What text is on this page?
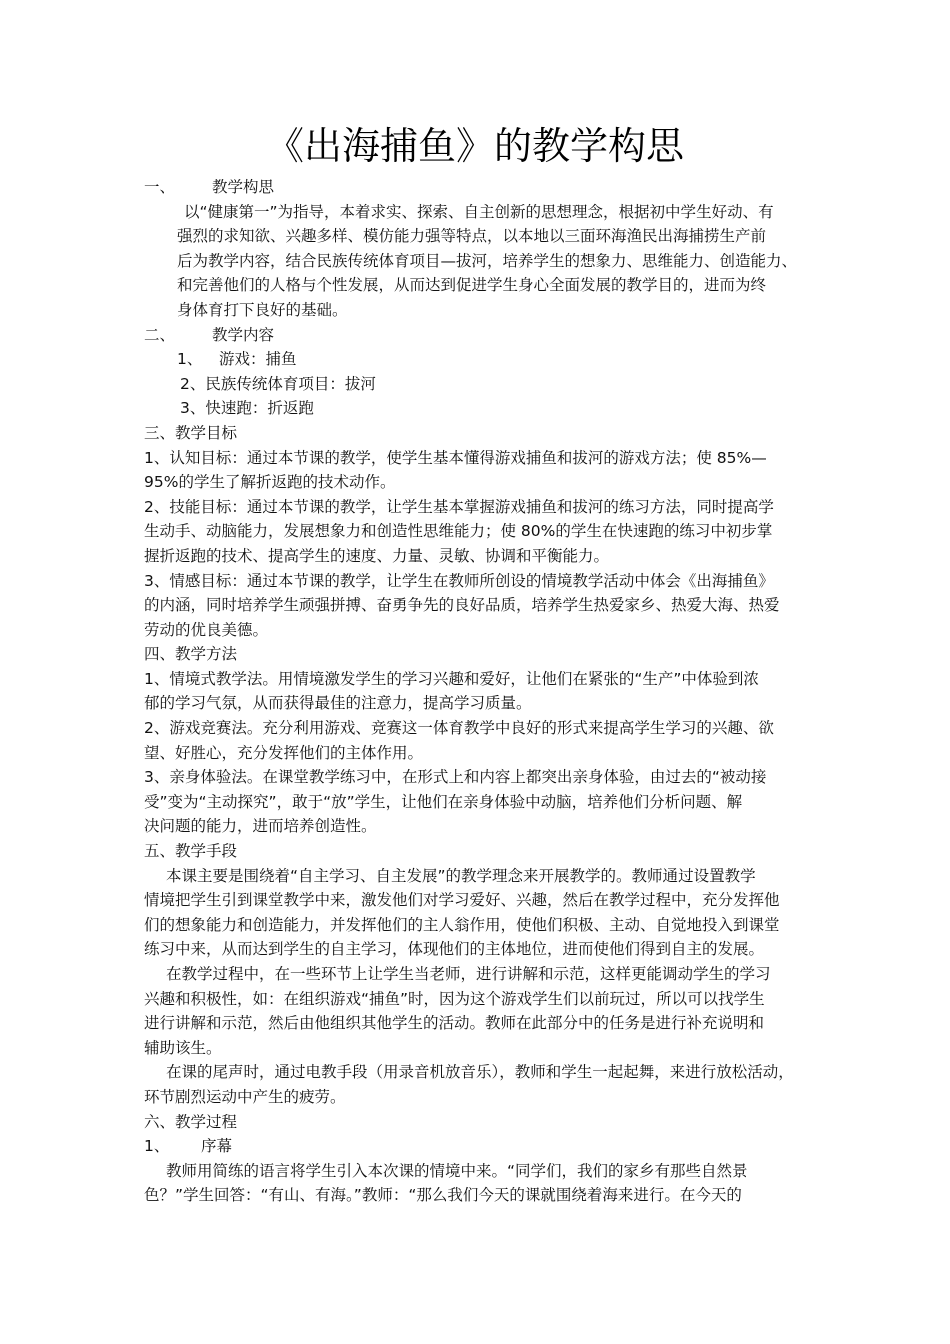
《出海捕鱼》的教学构思
一、	教学构思

以“健康第一”为指导，本着求实、探索、自主创新的思想理念，根据初中学生好动、有

强烈的求知欲、兴趣多样、模仿能力强等特点，以本地以三面环海渔民出海捕捞生产前

后为教学内容，结合民族传统体育项目—拔河，培养学生的想象力、思维能力、创造能力、

和完善他们的人格与个性发展，从而达到促进学生身心全面发展的教学目的，进而为终

身体育打下良好的基础。

二、	教学内容

1、 游戏：捕鱼

2、民族传统体育项目：拔河

3、快速跑：折返跑

三、教学目标

1、认知目标：通过本节课的教学，使学生基本懂得游戏捕鱼和拔河的游戏方法；使 85%—

95%的学生了解折返跑的技术动作。

2、技能目标：通过本节课的教学，让学生基本掌握游戏捕鱼和拔河的练习方法，同时提高学

生动手、动脑能力，发展想象力和创造性思维能力；使 80%的学生在快速跑的练习中初步掌

握折返跑的技术、提高学生的速度、力量、灵敏、协调和平衡能力。

3、情感目标：通过本节课的教学，让学生在教师所创设的情境教学活动中体会《出海捕鱼》

的内涵，同时培养学生顽强拼搏、奋勇争先的良好品质，培养学生热爱家乡、热爱大海、热爱

劳动的优良美德。

四、教学方法

1、情境式教学法。用情境激发学生的学习兴趣和爱好，让他们在紧张的“生产”中体验到浓

郁的学习气氛，从而获得最佳的注意力，提高学习质量。

2、游戏竞赛法。充分利用游戏、竞赛这一体育教学中良好的形式来提高学生学习的兴趣、欲

望、好胜心，充分发挥他们的主体作用。

3、亲身体验法。在课堂教学练习中，在形式上和内容上都突出亲身体验，由过去的“被动接

受”变为“主动探究”，敢于“放”学生，让他们在亲身体验中动脑，培养他们分析问题、解

决问题的能力，进而培养创造性。

五、教学手段

本课主要是围绕着“自主学习、自主发展”的教学理念来开展教学的。教师通过设置教学

情境把学生引到课堂教学中来，激发他们对学习爱好、兴趣，然后在教学过程中，充分发挥他

们的想象能力和创造能力，并发挥他们的主人翁作用，使他们积极、主动、自觉地投入到课堂

练习中来，从而达到学生的自主学习，体现他们的主体地位，进而使他们得到自主的发展。

在教学过程中，在一些环节上让学生当老师，进行讲解和示范，这样更能调动学生的学习

兴趣和积极性，如：在组织游戏“捕鱼”时，因为这个游戏学生们以前玩过，所以可以找学生

进行讲解和示范，然后由他组织其他学生的活动。教师在此部分中的任务是进行补充说明和

辅助该生。

在课的尾声时，通过电教手段（用录音机放音乐），教师和学生一起起舞，来进行放松活动，

环节剧烈运动中产生的疲劳。

六、教学过程

1、	序幕

教师用简练的语言将学生引入本次课的情境中来。“同学们，我们的家乡有那些自然景

色？”学生回答：“有山、有海。”教师：“那么我们今天的课就围绕着海来进行。在今天的
